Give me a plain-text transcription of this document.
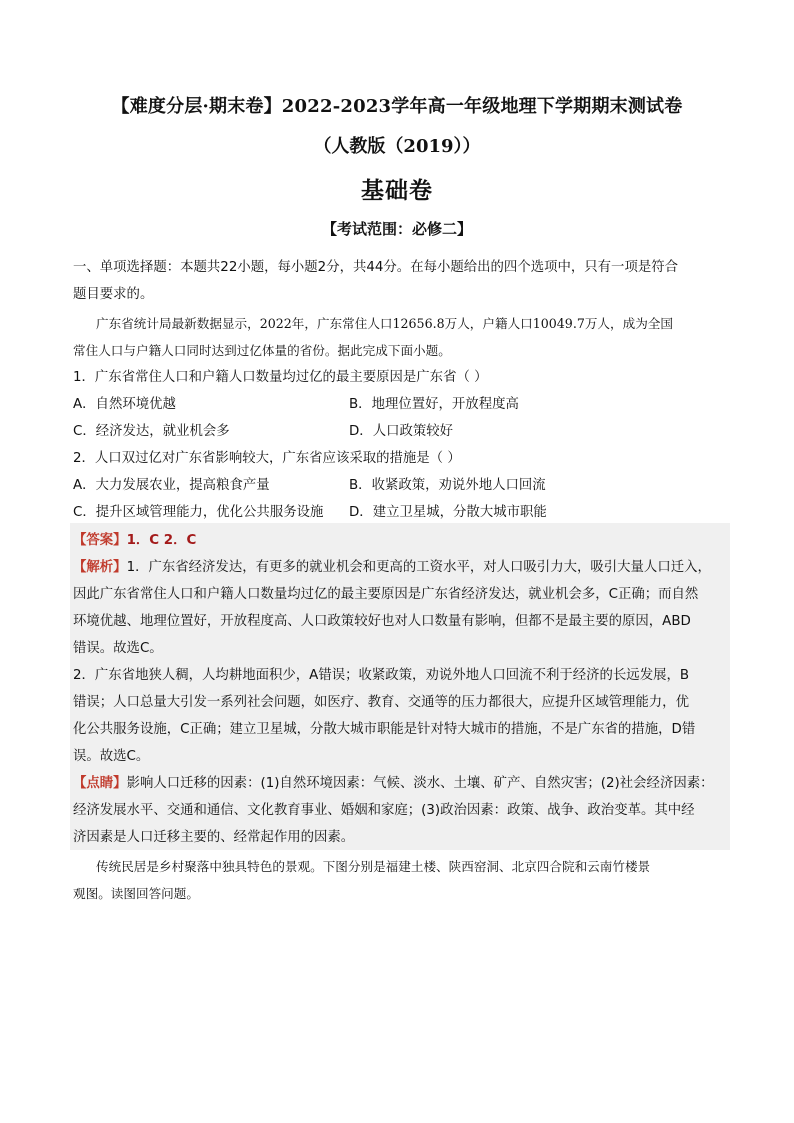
【难度分层·期末卷】2022-2023学年高一年级地理下学期期末测试卷
（人教版（2019））
基础卷
【考试范围：必修二】
一、单项选择题：本题共22小题，每小题2分，共44分。在每小题给出的四个选项中，只有一项是符合
题目要求的。
广东省统计局最新数据显示，2022年，广东常住人口12656.8万人，户籍人口10049.7万人，成为全国
常住人口与户籍人口同时达到过亿体量的省份。据此完成下面小题。
1．广东省常住人口和户籍人口数量均过亿的最主要原因是广东省（ ）
A．自然环境优越	B．地理位置好，开放程度高
C．经济发达，就业机会多	D．人口政策较好
2．人口双过亿对广东省影响较大，广东省应该采取的措施是（ ）
A．大力发展农业，提高粮食产量	B．收紧政策，劝说外地人口回流
C．提升区域管理能力，优化公共服务设施 D．建立卫星城，分散大城市职能
【答案】1．C 2．C
【解析】1．广东省经济发达，有更多的就业机会和更高的工资水平，对人口吸引力大，吸引大量人口迁入，
因此广东省常住人口和户籍人口数量均过亿的最主要原因是广东省经济发达，就业机会多，C正确；而自然
环境优越、地理位置好，开放程度高、人口政策较好也对人口数量有影响，但都不是最主要的原因，ABD
错误。故选C。
2．广东省地狭人稠，人均耕地面积少，A错误；收紧政策，劝说外地人口回流不利于经济的长远发展，B
错误；人口总量大引发一系列社会问题，如医疗、教育、交通等的压力都很大，应提升区域管理能力，优
化公共服务设施，C正确；建立卫星城，分散大城市职能是针对特大城市的措施，不是广东省的措施，D错
误。故选C。
【点睛】影响人口迁移的因素：(1)自然环境因素：气候、淡水、土壤、矿产、自然灾害；(2)社会经济因素：
经济发展水平、交通和通信、文化教育事业、婚姻和家庭；(3)政治因素：政策、战争、政治变革。其中经
济因素是人口迁移主要的、经常起作用的因素。
传统民居是乡村聚落中独具特色的景观。下图分别是福建土楼、陕西窑洞、北京四合院和云南竹楼景
观图。读图回答问题。
